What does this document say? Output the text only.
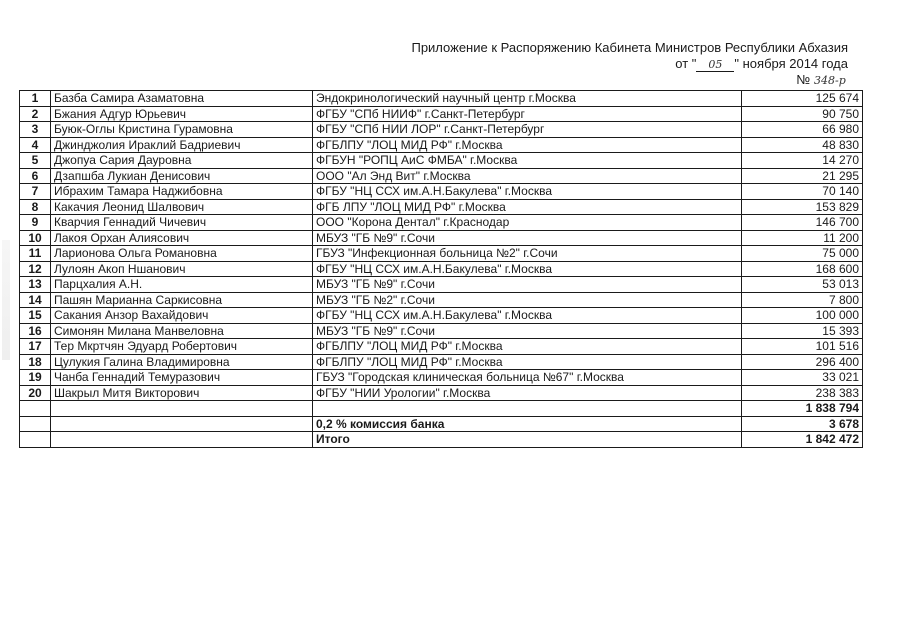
Приложение к Распоряжению Кабинета Министров Республики Абхазия
от " 05 " ноября 2014 года
№ 348-р
1	Базба Самира Азаматовна	Эндокринологический научный центр г.Москва	125 674
2	Бжания Адгур Юрьевич	ФГБУ "СПб НИИФ" г.Санкт-Петербург	90 750
3	Буюк-Оглы Кристина Гурамовна	ФГБУ "СПб НИИ ЛОР" г.Санкт-Петербург	66 980
4	Джинджолия Ираклий Бадриевич	ФГБЛПУ "ЛОЦ МИД РФ" г.Москва	48 830
5	Джопуа Сария Дауровна	ФГБУН "РОПЦ АиС ФМБА" г.Москва	14 270
6	Дзапшба Лукиан Денисович	ООО "Ал Энд Вит" г.Москва	21 295
7	Ибрахим Тамара Наджибовна	ФГБУ "НЦ ССХ им.А.Н.Бакулева" г.Москва	70 140
8	Какачия Леонид Шалвович	ФГБ ЛПУ "ЛОЦ МИД РФ" г.Москва	153 829
9	Кварчия Геннадий Чичевич	ООО "Корона Дентал" г.Краснодар	146 700
10	Лакоя Орхан Алиясович	МБУЗ "ГБ №9" г.Сочи	11 200
11	Ларионова Ольга Романовна	ГБУЗ "Инфекционная больница №2" г.Сочи	75 000
12	Лулоян Акоп Ншанович	ФГБУ "НЦ ССХ им.А.Н.Бакулева" г.Москва	168 600
13	Парцхалия А.Н.	МБУЗ "ГБ №9" г.Сочи	53 013
14	Пашян Марианна Саркисовна	МБУЗ "ГБ №2" г.Сочи	7 800
15	Сакания Анзор Вахайдович	ФГБУ "НЦ ССХ им.А.Н.Бакулева" г.Москва	100 000
16	Симонян Милана Манвеловна	МБУЗ "ГБ №9" г.Сочи	15 393
17	Тер Мкртчян Эдуард Робертович	ФГБЛПУ "ЛОЦ МИД РФ" г.Москва	101 516
18	Цулукия Галина Владимировна	ФГБЛПУ "ЛОЦ МИД РФ" г.Москва	296 400
19	Чанба Геннадий Темуразович	ГБУЗ "Городская клиническая больница №67" г.Москва	33 021
20	Шакрыл Митя Викторович	ФГБУ "НИИ Урологии" г.Москва	238 383
			1 838 794
		0,2 % комиссия банка	3 678
		Итого	1 842 472
